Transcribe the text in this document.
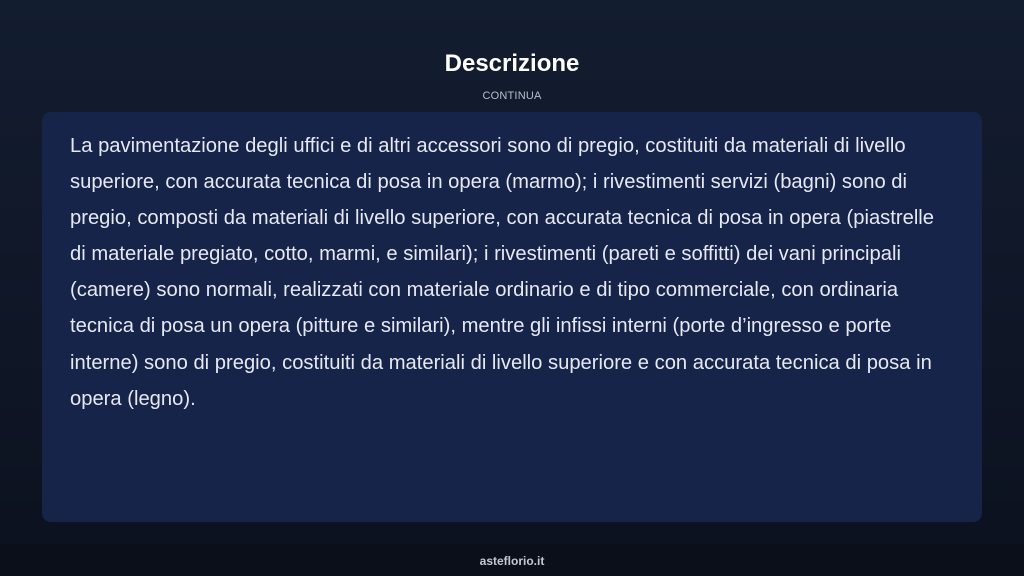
Descrizione
CONTINUA

La pavimentazione degli uffici e di altri accessori sono di pregio, costituiti da materiali di livello superiore, con accurata tecnica di posa in opera (marmo); i rivestimenti servizi (bagni) sono di pregio, composti da materiali di livello superiore, con accurata tecnica di posa in opera (piastrelle di materiale pregiato, cotto, marmi, e similari); i rivestimenti (pareti e soffitti) dei vani principali (camere) sono normali, realizzati con materiale ordinario e di tipo commerciale, con ordinaria tecnica di posa un opera (pitture e similari), mentre gli infissi interni (porte d’ingresso e porte interne) sono di pregio, costituiti da materiali di livello superiore e con accurata tecnica di posa in opera (legno).

asteflorio.it
